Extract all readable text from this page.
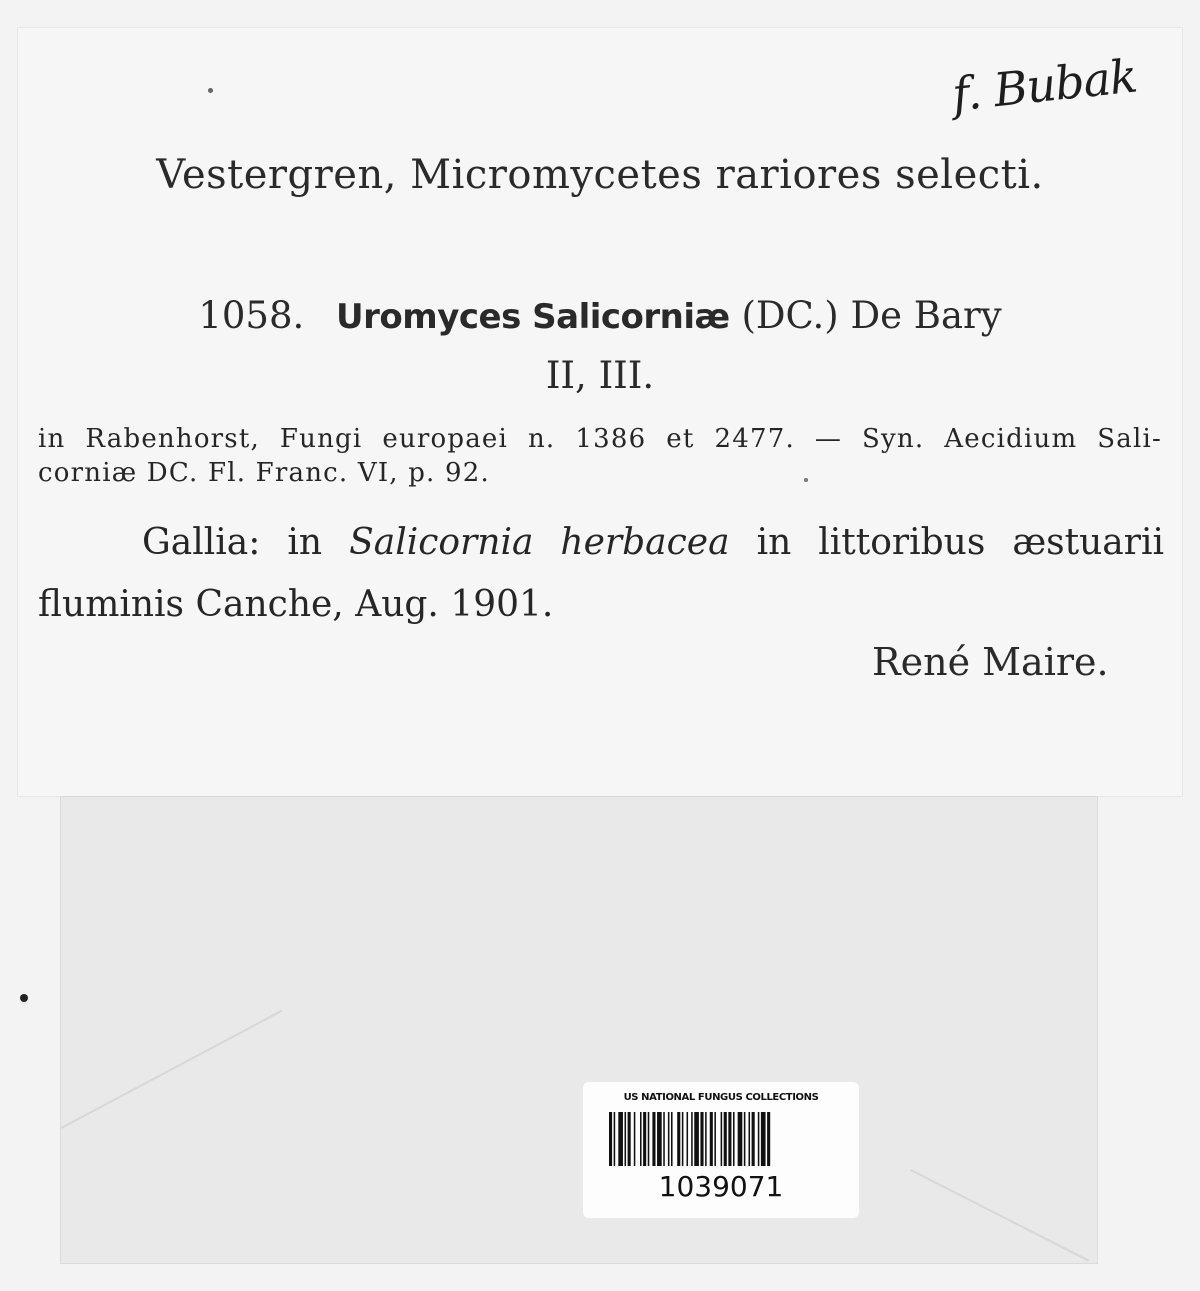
f. Bubak
Vestergren, Micromycetes rariores selecti.
1058. Uromyces Salicorniæ (DC.) De Bary
II, III.
in Rabenhorst, Fungi europaei n. 1386 et 2477. — Syn. Aecidium Sali-
corniæ DC. Fl. Franc. VI, p. 92.
Gallia: in Salicornia herbacea in littoribus æstuarii
fluminis Canche, Aug. 1901.
René Maire.
US NATIONAL FUNGUS COLLECTIONS
1039071
